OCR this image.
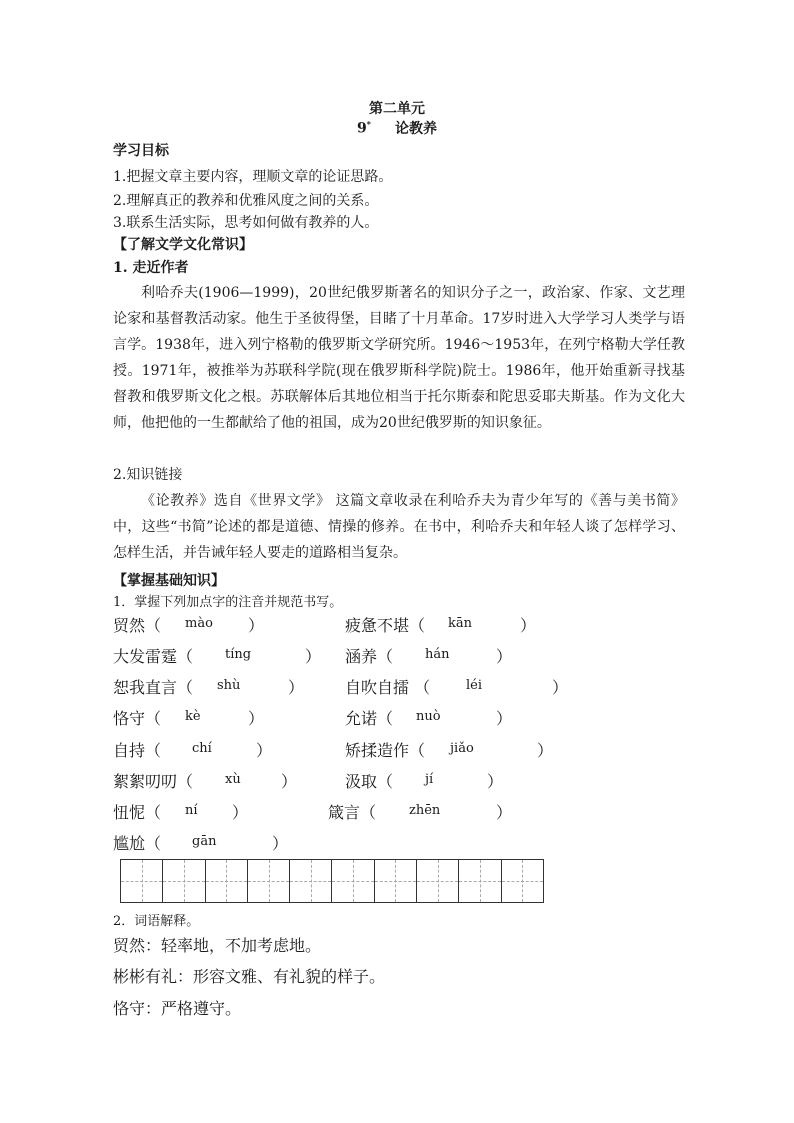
第二单元
9* 论教养
学习目标
1.把握文章主要内容，理顺文章的论证思路。
2.理解真正的教养和优雅风度之间的关系。
3.联系生活实际，思考如何做有教养的人。
【了解文学文化常识】
1. 走近作者

利哈乔夫(1906—1999)，20世纪俄罗斯著名的知识分子之一，政治家、作家、文艺理论家和基督教活动家。他生于圣彼得堡，目睹了十月革命。17岁时进入大学学习人类学与语言学。1938年，进入列宁格勒的俄罗斯文学研究所。1946～1953年，在列宁格勒大学任教授。1971年，被推举为苏联科学院(现在俄罗斯科学院)院士。1986年，他开始重新寻找基督教和俄罗斯文化之根。苏联解体后其地位相当于托尔斯泰和陀思妥耶夫斯基。作为文化大师，他把他的一生都献给了他的祖国，成为20世纪俄罗斯的知识象征。

2.知识链接

《论教养》选自《世界文学》 这篇文章收录在利哈乔夫为青少年写的《善与美书简》中，这些“书简”论述的都是道德、情操的修养。在书中，利哈乔夫和年轻人谈了怎样学习、怎样生活，并告诫年轻人要走的道路相当复杂。

【掌握基础知识】
1．掌握下列加点字的注音并规范书写。
贸然（ mào ）	疲惫不堪（ kān	）
大发雷霆（ tíng	） 涵养（ hán	）
恕我直言（ shù	）	自吹自擂 （	léi	）
恪守（ kè	）	允诺（ nuò	）
自持（ chí	）	矫揉造作（ jiǎo	）
絮絮叨叨（ xù	）	汲取（ jí	）
忸怩（ ní ）	箴言（	zhēn	）
尴尬（ gān	）
2．词语解释。
贸然：轻率地，不加考虑地。
彬彬有礼：形容文雅、有礼貌的样子。
恪守：严格遵守。
